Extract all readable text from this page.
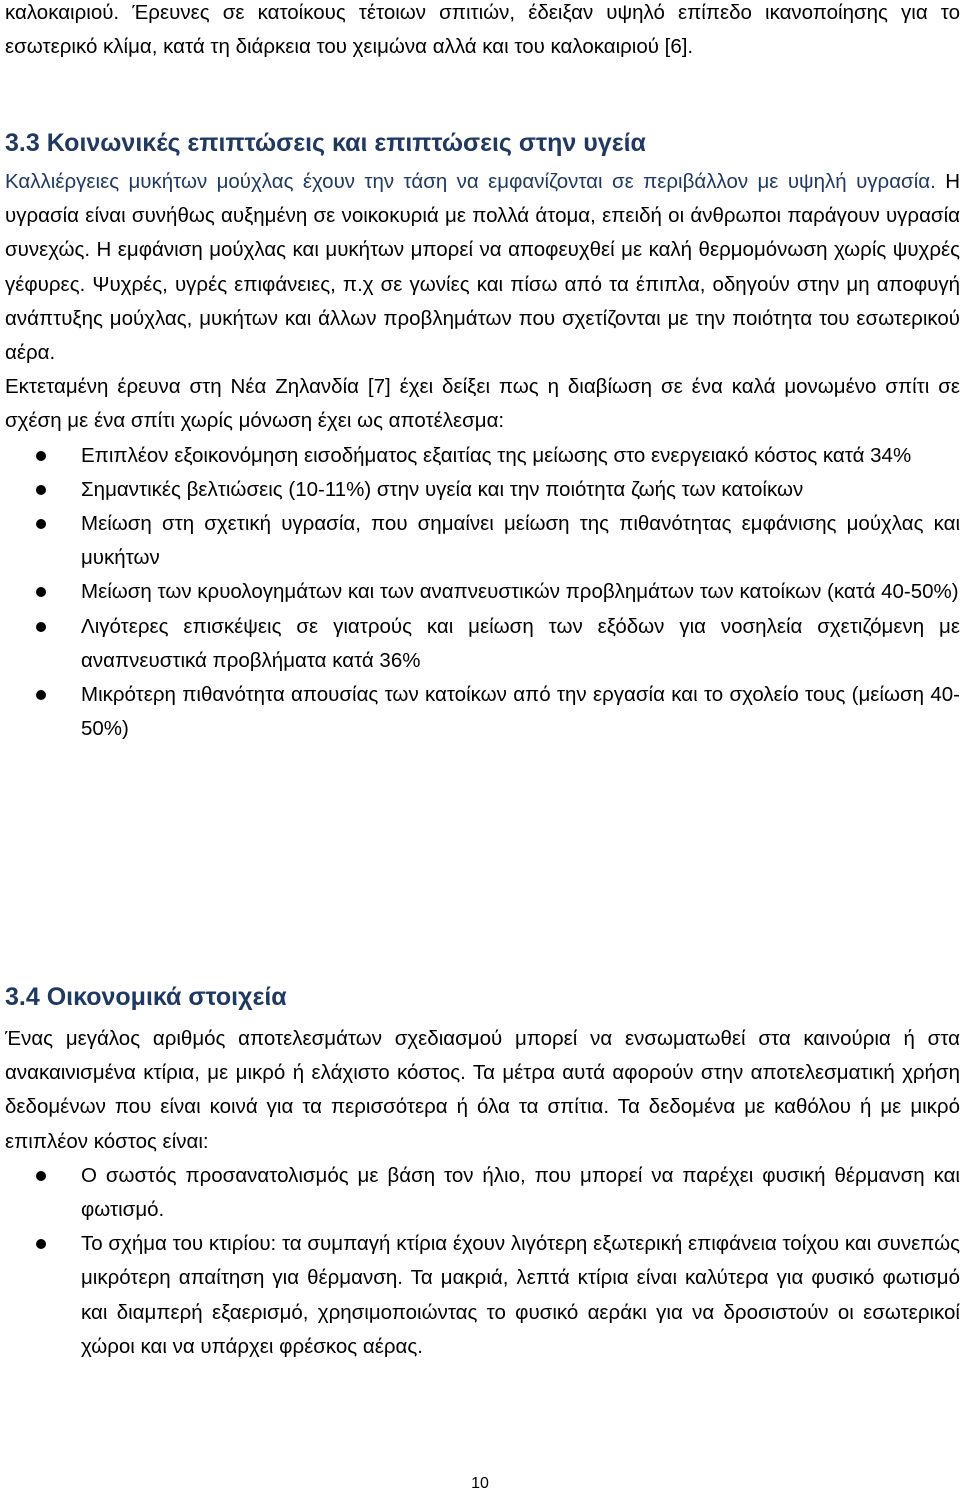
καλοκαιριού. Έρευνες σε κατοίκους τέτοιων σπιτιών, έδειξαν υψηλό επίπεδο ικανοποίησης για το εσωτερικό κλίμα, κατά τη διάρκεια του χειμώνα αλλά και του καλοκαιριού [6].

3.3 Κοινωνικές επιπτώσεις και επιπτώσεις στην υγεία

Καλλιέργειες μυκήτων μούχλας έχουν την τάση να εμφανίζονται σε περιβάλλον με υψηλή υγρασία. Η υγρασία είναι συνήθως αυξημένη σε νοικοκυριά με πολλά άτομα, επειδή οι άνθρωποι παράγουν υγρασία συνεχώς. Η εμφάνιση μούχλας και μυκήτων μπορεί να αποφευχθεί με καλή θερμομόνωση χωρίς ψυχρές γέφυρες. Ψυχρές, υγρές επιφάνειες, π.χ σε γωνίες και πίσω από τα έπιπλα, οδηγούν στην μη αποφυγή ανάπτυξης μούχλας, μυκήτων και άλλων προβλημάτων που σχετίζονται με την ποιότητα του εσωτερικού αέρα.

Εκτεταμένη έρευνα στη Νέα Ζηλανδία [7] έχει δείξει πως η διαβίωση σε ένα καλά μονωμένο σπίτι σε σχέση με ένα σπίτι χωρίς μόνωση έχει ως αποτέλεσμα:

Επιπλέον εξοικονόμηση εισοδήματος εξαιτίας της μείωσης στο ενεργειακό κόστος κατά 34%
Σημαντικές βελτιώσεις (10-11%) στην υγεία και την ποιότητα ζωής των κατοίκων
Μείωση στη σχετική υγρασία, που σημαίνει μείωση της πιθανότητας εμφάνισης μούχλας και μυκήτων
Μείωση των κρυολογημάτων και των αναπνευστικών προβλημάτων των κατοίκων (κατά 40-50%)
Λιγότερες επισκέψεις σε γιατρούς και μείωση των εξόδων για νοσηλεία σχετιζόμενη με αναπνευστικά προβλήματα κατά 36%
Μικρότερη πιθανότητα απουσίας των κατοίκων από την εργασία και το σχολείο τους (μείωση 40-50%)
3.4 Οικονομικά στοιχεία

Ένας μεγάλος αριθμός αποτελεσμάτων σχεδιασμού μπορεί να ενσωματωθεί στα καινούρια ή στα ανακαινισμένα κτίρια, με μικρό ή ελάχιστο κόστος. Τα μέτρα αυτά αφορούν στην αποτελεσματική χρήση δεδομένων που είναι κοινά για τα περισσότερα ή όλα τα σπίτια. Τα δεδομένα με καθόλου ή με μικρό επιπλέον κόστος είναι:

Ο σωστός προσανατολισμός με βάση τον ήλιο, που μπορεί να παρέχει φυσική θέρμανση και φωτισμό.
Το σχήμα του κτιρίου: τα συμπαγή κτίρια έχουν λιγότερη εξωτερική επιφάνεια τοίχου και συνεπώς μικρότερη απαίτηση για θέρμανση. Τα μακριά, λεπτά κτίρια είναι καλύτερα για φυσικό φωτισμό και διαμπερή εξαερισμό, χρησιμοποιώντας το φυσικό αεράκι για να δροσιστούν οι εσωτερικοί χώροι και να υπάρχει φρέσκος αέρας.
10
